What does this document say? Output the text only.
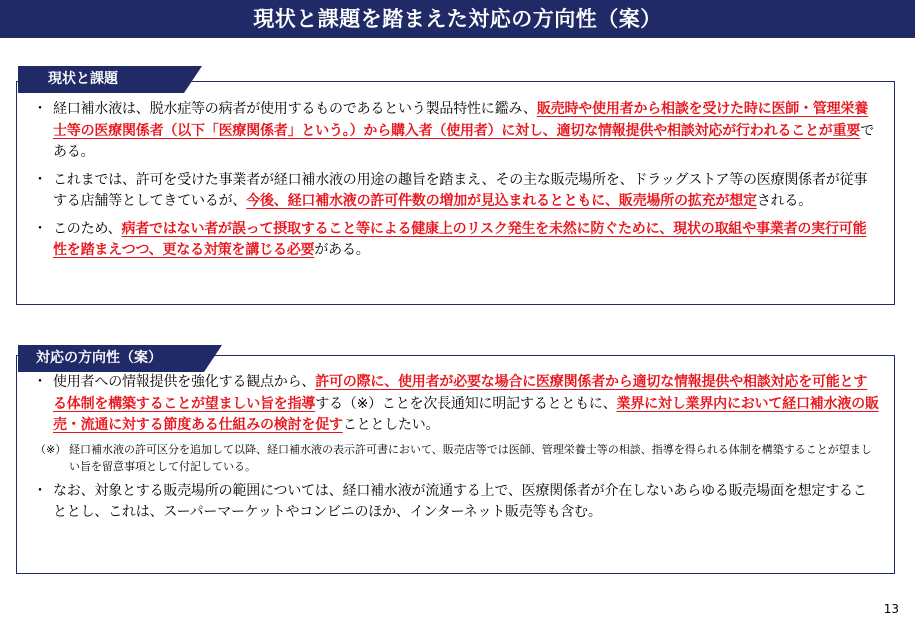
現状と課題を踏まえた対応の方向性（案）
・ 経口補水液は、脱水症等の病者が使用するものであるという製品特性に鑑み、販売時や使用者から相談を受けた時に医師・管理栄養士等の医療関係者（以下「医療関係者」という。）から購入者（使用者）に対し、適切な情報提供や相談対応が行われることが重要である。
・ これまでは、許可を受けた事業者が経口補水液の用途の趣旨を踏まえ、その主な販売場所を、ドラッグストア等の医療関係者が従事する店舗等としてきているが、今後、経口補水液の許可件数の増加が見込まれるとともに、販売場所の拡充が想定される。
・ このため、病者ではない者が誤って摂取すること等による健康上のリスク発生を未然に防ぐために、現状の取組や事業者の実行可能性を踏まえつつ、更なる対策を講じる必要がある。
現状と課題
・ 使用者への情報提供を強化する観点から、許可の際に、使用者が必要な場合に医療関係者から適切な情報提供や相談対応を可能とする体制を構築することが望ましい旨を指導する（※）ことを次長通知に明記するとともに、業界に対し業界内において経口補水液の販売・流通に対する節度ある仕組みの検討を促すこととしたい。
（※） 経口補水液の許可区分を追加して以降、経口補水液の表示許可書において、販売店等では医師、管理栄養士等の相談、指導を得られる体制を構築することが望ましい旨を留意事項として付記している。
・ なお、対象とする販売場所の範囲については、経口補水液が流通する上で、医療関係者が介在しないあらゆる販売場面を想定することとし、これは、スーパーマーケットやコンビニのほか、インターネット販売等も含む。
対応の方向性（案）
13
